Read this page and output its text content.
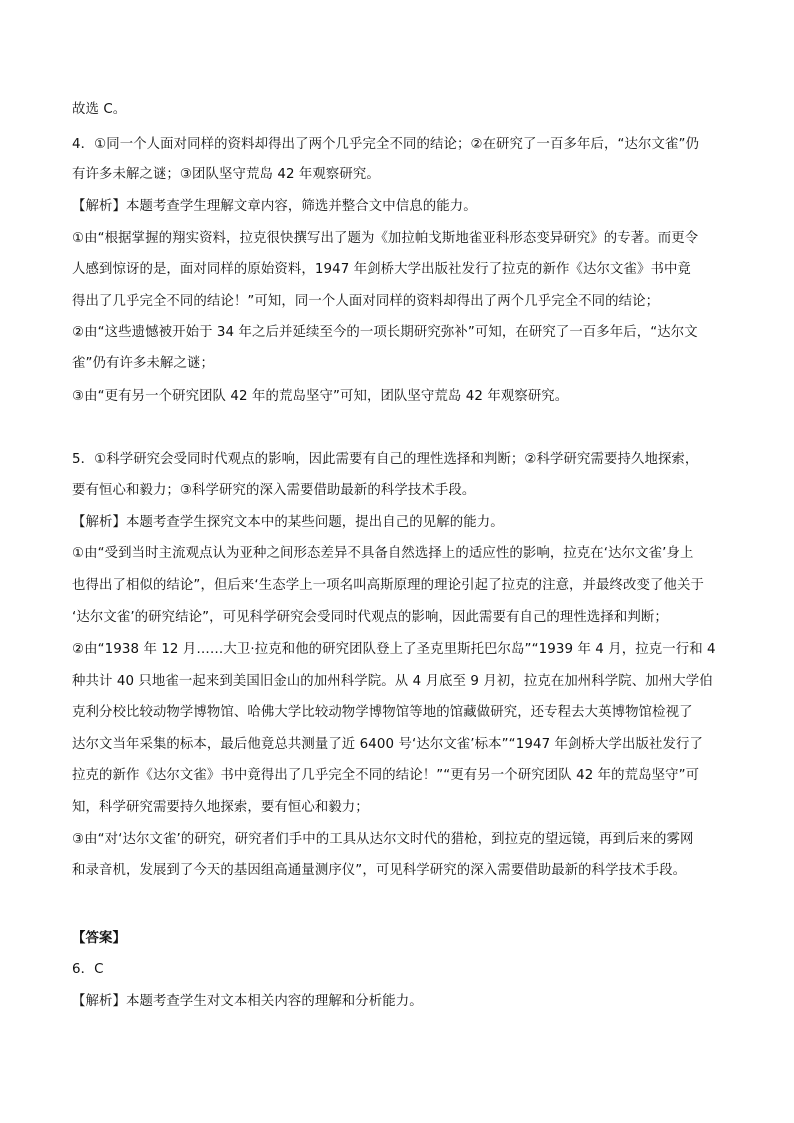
故选 C。
4．①同一个人面对同样的资料却得出了两个几乎完全不同的结论；②在研究了一百多年后，“达尔文雀”仍
有许多未解之谜；③团队坚守荒岛 42 年观察研究。
【解析】本题考查学生理解文章内容，筛选并整合文中信息的能力。
①由“根据掌握的翔实资料，拉克很快撰写出了题为《加拉帕戈斯地雀亚科形态变异研究》的专著。而更令
人感到惊讶的是，面对同样的原始资料，1947 年剑桥大学出版社发行了拉克的新作《达尔文雀》书中竟
得出了几乎完全不同的结论！”可知，同一个人面对同样的资料却得出了两个几乎完全不同的结论；
②由“这些遗憾被开始于 34 年之后并延续至今的一项长期研究弥补”可知，在研究了一百多年后，“达尔文
雀”仍有许多未解之谜；
③由“更有另一个研究团队 42 年的荒岛坚守”可知，团队坚守荒岛 42 年观察研究。
5．①科学研究会受同时代观点的影响，因此需要有自己的理性选择和判断；②科学研究需要持久地探索，
要有恒心和毅力；③科学研究的深入需要借助最新的科学技术手段。
【解析】本题考查学生探究文本中的某些问题，提出自己的见解的能力。
①由“受到当时主流观点认为亚种之间形态差异不具备自然选择上的适应性的影响，拉克在‘达尔文雀’身上
也得出了相似的结论”，但后来‘生态学上一项名叫高斯原理的理论引起了拉克的注意，并最终改变了他关于
‘达尔文雀’的研究结论”，可见科学研究会受同时代观点的影响，因此需要有自己的理性选择和判断；
②由“1938 年 12 月……大卫·拉克和他的研究团队登上了圣克里斯托巴尔岛”“1939 年 4 月，拉克一行和 4
种共计 40 只地雀一起来到美国旧金山的加州科学院。从 4 月底至 9 月初，拉克在加州科学院、加州大学伯
克利分校比较动物学博物馆、哈佛大学比较动物学博物馆等地的馆藏做研究，还专程去大英博物馆检视了
达尔文当年采集的标本，最后他竟总共测量了近 6400 号‘达尔文雀’标本”“1947 年剑桥大学出版社发行了
拉克的新作《达尔文雀》书中竟得出了几乎完全不同的结论！”“更有另一个研究团队 42 年的荒岛坚守”可
知，科学研究需要持久地探索，要有恒心和毅力；
③由“对‘达尔文雀’的研究，研究者们手中的工具从达尔文时代的猎枪，到拉克的望远镜，再到后来的雾网
和录音机，发展到了今天的基因组高通量测序仪”，可见科学研究的深入需要借助最新的科学技术手段。
【答案】
6．C
【解析】本题考查学生对文本相关内容的理解和分析能力。
